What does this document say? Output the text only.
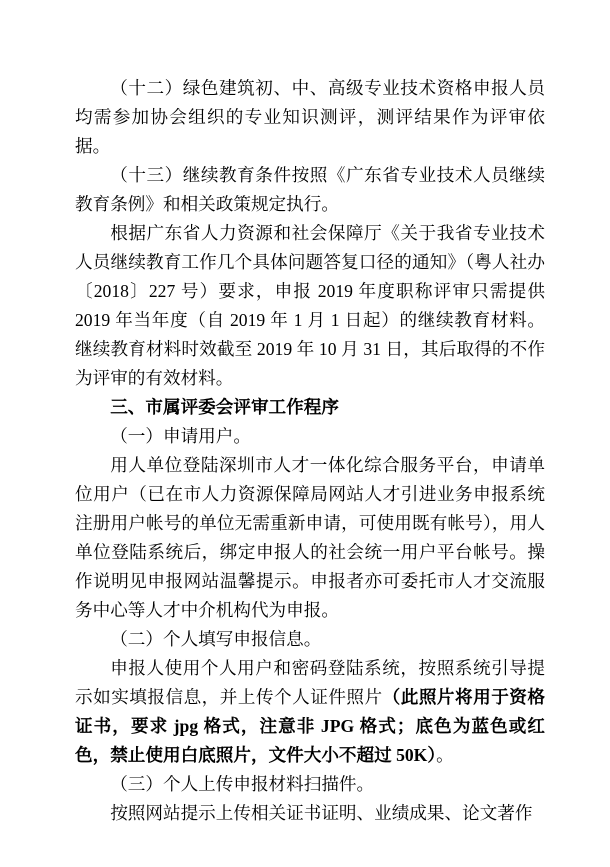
（十二）绿色建筑初、中、高级专业技术资格申报人员均需参加协会组织的专业知识测评，测评结果作为评审依据。

（十三）继续教育条件按照《广东省专业技术人员继续教育条例》和相关政策规定执行。

根据广东省人力资源和社会保障厅《关于我省专业技术人员继续教育工作几个具体问题答复口径的通知》（粤人社办〔2018〕227 号）要求，申报 2019 年度职称评审只需提供 2019 年当年度（自 2019 年 1 月 1 日起）的继续教育材料。继续教育材料时效截至 2019 年 10 月 31 日，其后取得的不作为评审的有效材料。

三、市属评委会评审工作程序

（一）申请用户。

用人单位登陆深圳市人才一体化综合服务平台，申请单位用户（已在市人力资源保障局网站人才引进业务申报系统注册用户帐号的单位无需重新申请，可使用既有帐号），用人单位登陆系统后，绑定申报人的社会统一用户平台帐号。操作说明见申报网站温馨提示。申报者亦可委托市人才交流服务中心等人才中介机构代为申报。

（二）个人填写申报信息。

申报人使用个人用户和密码登陆系统，按照系统引导提示如实填报信息，并上传个人证件照片（此照片将用于资格证书，要求 jpg 格式，注意非 JPG 格式；底色为蓝色或红色，禁止使用白底照片，文件大小不超过 50K）。

（三）个人上传申报材料扫描件。

按照网站提示上传相关证书证明、业绩成果、论文著作
